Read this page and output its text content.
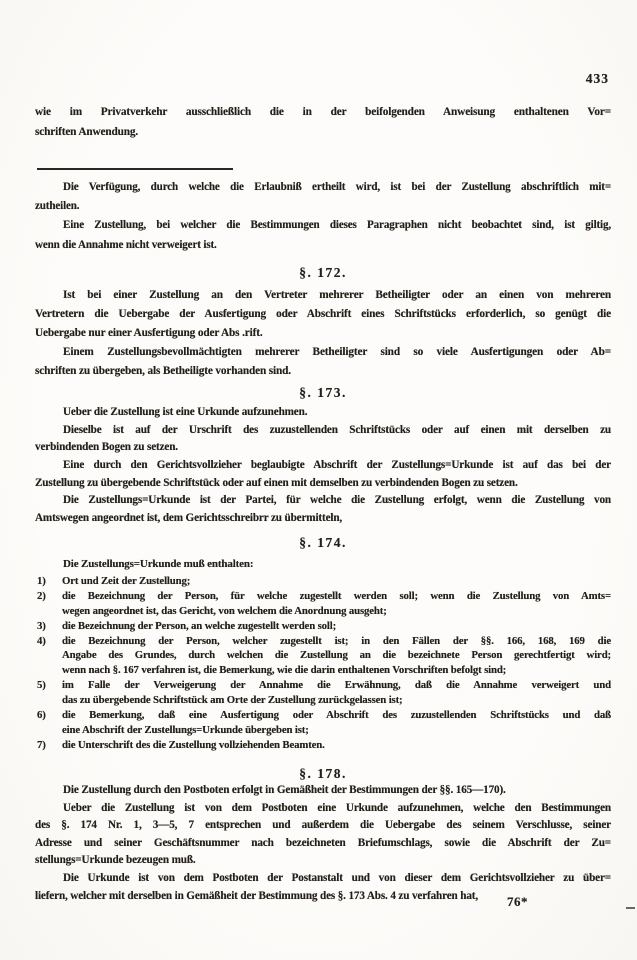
433
wie im Privatverkehr ausschließlich die in der beifolgenden Anweisung enthaltenen Vor=
schriften Anwendung.
Die Verfügung, durch welche die Erlaubniß ertheilt wird, ist bei der Zustellung abschriftlich mit=
zutheilen.
Eine Zustellung, bei welcher die Bestimmungen dieses Paragraphen nicht beobachtet sind, ist giltig,
wenn die Annahme nicht verweigert ist.
§. 172.
Ist bei einer Zustellung an den Vertreter mehrerer Betheiligter oder an einen von mehreren
Vertretern die Uebergabe der Ausfertigung oder Abschrift eines Schriftstücks erforderlich, so genügt die
Uebergabe nur einer Ausfertigung oder Abs .rift.
Einem Zustellungsbevollmächtigten mehrerer Betheiligter sind so viele Ausfertigungen oder Ab=
schriften zu übergeben, als Betheiligte vorhanden sind.
§. 173.
Ueber die Zustellung ist eine Urkunde aufzunehmen.
Dieselbe ist auf der Urschrift des zuzustellenden Schriftstücks oder auf einen mit derselben zu
verbindenden Bogen zu setzen.
Eine durch den Gerichtsvollzieher beglaubigte Abschrift der Zustellungs=Urkunde ist auf das bei der
Zustellung zu übergebende Schriftstück oder auf einen mit demselben zu verbindenden Bogen zu setzen.
Die Zustellungs=Urkunde ist der Partei, für welche die Zustellung erfolgt, wenn die Zustellung von
Amtswegen angeordnet ist, dem Gerichtsschreibrr zu übermitteln,
§. 174.
Die Zustellungs=Urkunde muß enthalten:
1) Ort und Zeit der Zustellung;
2) die Bezeichnung der Person, für welche zugestellt werden soll; wenn die Zustellung von Amts=
wegen angeordnet ist, das Gericht, von welchem die Anordnung ausgeht;
3) die Bezeichnung der Person, an welche zugestellt werden soll;
4) die Bezeichnung der Person, welcher zugestellt ist; in den Fällen der §§. 166, 168, 169 die
Angabe des Grundes, durch welchen die Zustellung an die bezeichnete Person gerechtfertigt wird;
wenn nach §. 167 verfahren ist, die Bemerkung, wie die darin enthaltenen Vorschriften befolgt sind;
5) im Falle der Verweigerung der Annahme die Erwähnung, daß die Annahme verweigert und
das zu übergebende Schriftstück am Orte der Zustellung zurückgelassen ist;
6) die Bemerkung, daß eine Ausfertigung oder Abschrift des zuzustellenden Schriftstücks und daß
eine Abschrift der Zustellungs=Urkunde übergeben ist;
7) die Unterschrift des die Zustellung vollziehenden Beamten.
§. 178.
Die Zustellung durch den Postboten erfolgt in Gemäßheit der Bestimmungen der §§. 165—170).
Ueber die Zustellung ist von dem Postboten eine Urkunde aufzunehmen, welche den Bestimmungen
des §. 174 Nr. 1, 3—5, 7 entsprechen und außerdem die Uebergabe des seinem Verschlusse, seiner
Adresse und seiner Geschäftsnummer nach bezeichneten Briefumschlags, sowie die Abschrift der Zu=
stellungs=Urkunde bezeugen muß.
Die Urkunde ist von dem Postboten der Postanstalt und von dieser dem Gerichtsvollzieher zu über=
liefern, welcher mit derselben in Gemäßheit der Bestimmung des §. 173 Abs. 4 zu verfahren hat,	76*
